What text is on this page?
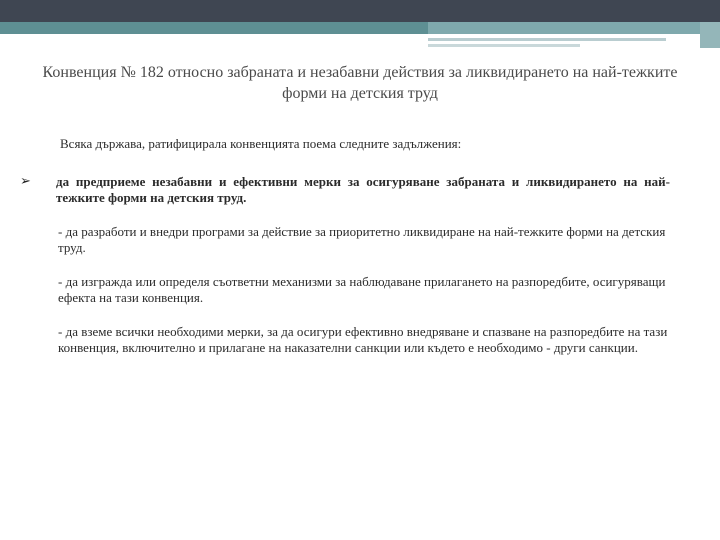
Конвенция № 182 относно забраната и незабавни действия за ликвидирането на най-тежките форми на детския труд

Всяка държава, ратифицирала конвенцията поема следните задължения:

➢	да предприеме незабавни и ефективни мерки за осигуряване забраната и ликвидирането на най-тежките форми на детския труд.

- да разработи и внедри програми за действие за приоритетно ликвидиране на най-тежките форми на детския труд.

- да изгражда или определя съответни механизми за наблюдаване прилагането на разпоредбите, осигуряващи ефекта на тази конвенция.

- да вземе всички необходими мерки, за да осигури ефективно внедряване и спазване на разпоредбите на тази конвенция, включително и прилагане на наказателни санкции или където е необходимо - други санкции.
